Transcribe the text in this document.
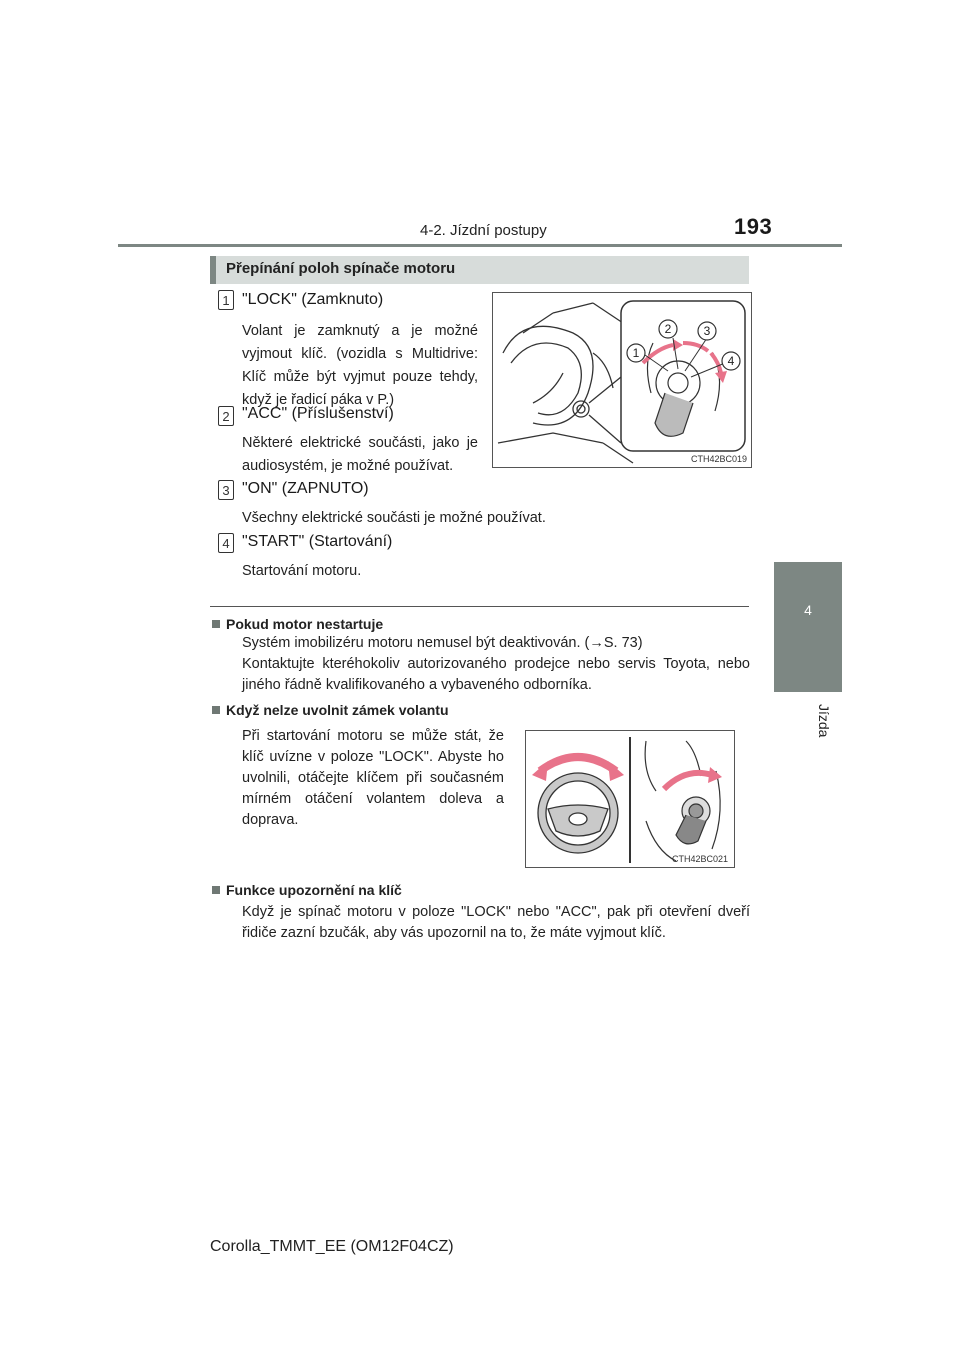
4-2. Jízdní postupy	193
4
Jízda
Přepínání poloh spínače motoru
1 "LOCK" (Zamknuto)
Volant je zamknutý a je možné vyjmout klíč. (vozidla s Multidrive: Klíč může být vyjmut pouze tehdy, když je řadicí páka v P.)
2 "ACC" (Příslušenství)
Některé elektrické součásti, jako je audiosystém, je možné používat.
3 "ON" (ZAPNUTO)
Všechny elektrické součásti je možné používat.
4 "START" (Startování)
Startování motoru.
1
2	3
4
CTH42BC019
Pokud motor nestartuje
Systém imobilizéru motoru nemusel být deaktivován. (→S. 73)
Kontaktujte kteréhokoliv autorizovaného prodejce nebo servis Toyota, nebo jiného řádně kvalifikovaného a vybaveného odborníka.
Když nelze uvolnit zámek volantu
Při startování motoru se může stát, že klíč uvízne v poloze "LOCK". Abyste ho uvolnili, otáčejte klíčem při současném mírném otáčení volantem doleva a doprava.
CTH42BC021
Funkce upozornění na klíč
Když je spínač motoru v poloze "LOCK" nebo "ACC", pak při otevření dveří řidiče zazní bzučák, aby vás upozornil na to, že máte vyjmout klíč.
Corolla_TMMT_EE (OM12F04CZ)
